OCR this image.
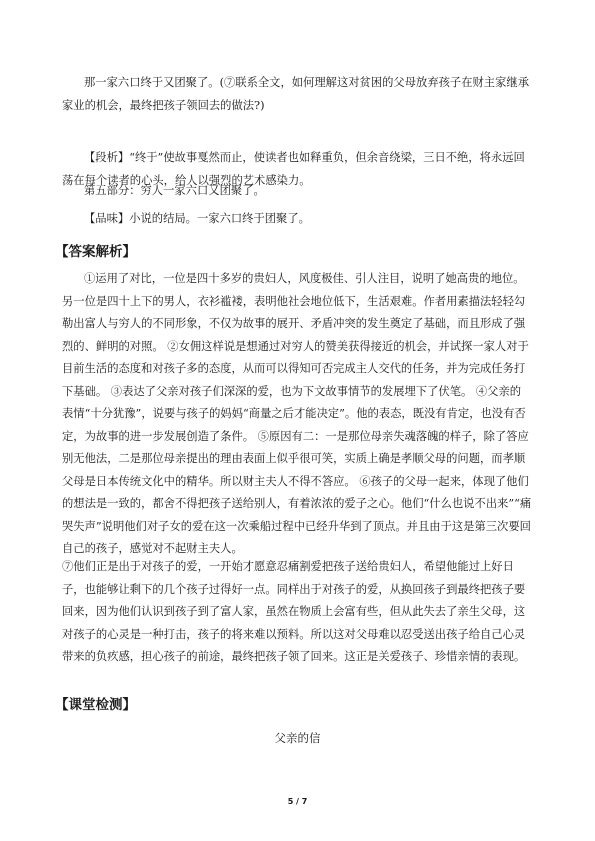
那一家六口终于又团聚了。(⑦联系全文，如何理解这对贫困的父母放弃孩子在财主家继承家业的机会，最终把孩子领回去的做法?)

【段析】“终于”使故事戛然而止，使读者也如释重负，但余音绕梁，三日不绝，将永远回荡在每个读者的心头，给人以强烈的艺术感染力。

第五部分：穷人一家六口又团聚了。

【品味】小说的结局。一家六口终于团聚了。

【答案解析】

①运用了对比，一位是四十多岁的贵妇人，风度极佳、引人注目，说明了她高贵的地位。另一位是四十上下的男人，衣衫褴褛，表明他社会地位低下，生活艰难。作者用素描法轻轻勾勒出富人与穷人的不同形象，不仅为故事的展开、矛盾冲突的发生奠定了基础，而且形成了强烈的、鲜明的对照。 ②女佣这样说是想通过对穷人的赞美获得接近的机会，并试探一家人对于目前生活的态度和对孩子多的态度，从而可以得知可否完成主人交代的任务，并为完成任务打下基础。 ③表达了父亲对孩子们深深的爱，也为下文故事情节的发展埋下了伏笔。 ④父亲的表情“十分犹豫”，说要与孩子的妈妈“商量之后才能决定”。他的表态，既没有肯定，也没有否定，为故事的进一步发展创造了条件。 ⑤原因有二：一是那位母亲失魂落魄的样子，除了答应别无他法，二是那位母亲提出的理由表面上似乎很可笑，实质上确是孝顺父母的问题，而孝顺父母是日本传统文化中的精华。所以财主夫人不得不答应。 ⑥孩子的父母一起来，体现了他们的想法是一致的，都舍不得把孩子送给别人，有着浓浓的爱子之心。他们“什么也说不出来”“痛哭失声”说明他们对子女的爱在这一次乘船过程中已经升华到了顶点。并且由于这是第三次要回自己的孩子，感觉对不起财主夫人。

⑦他们正是出于对孩子的爱，一开始才愿意忍痛割爱把孩子送给贵妇人，希望他能过上好日子，也能够让剩下的几个孩子过得好一点。同样出于对孩子的爱，从换回孩子到最终把孩子要回来，因为他们认识到孩子到了富人家，虽然在物质上会富有些，但从此失去了亲生父母，这对孩子的心灵是一种打击，孩子的将来难以预料。所以这对父母难以忍受送出孩子给自己心灵带来的负疚感，担心孩子的前途，最终把孩子领了回来。这正是关爱孩子、珍惜亲情的表现。

【课堂检测】

父亲的信

5 / 7
